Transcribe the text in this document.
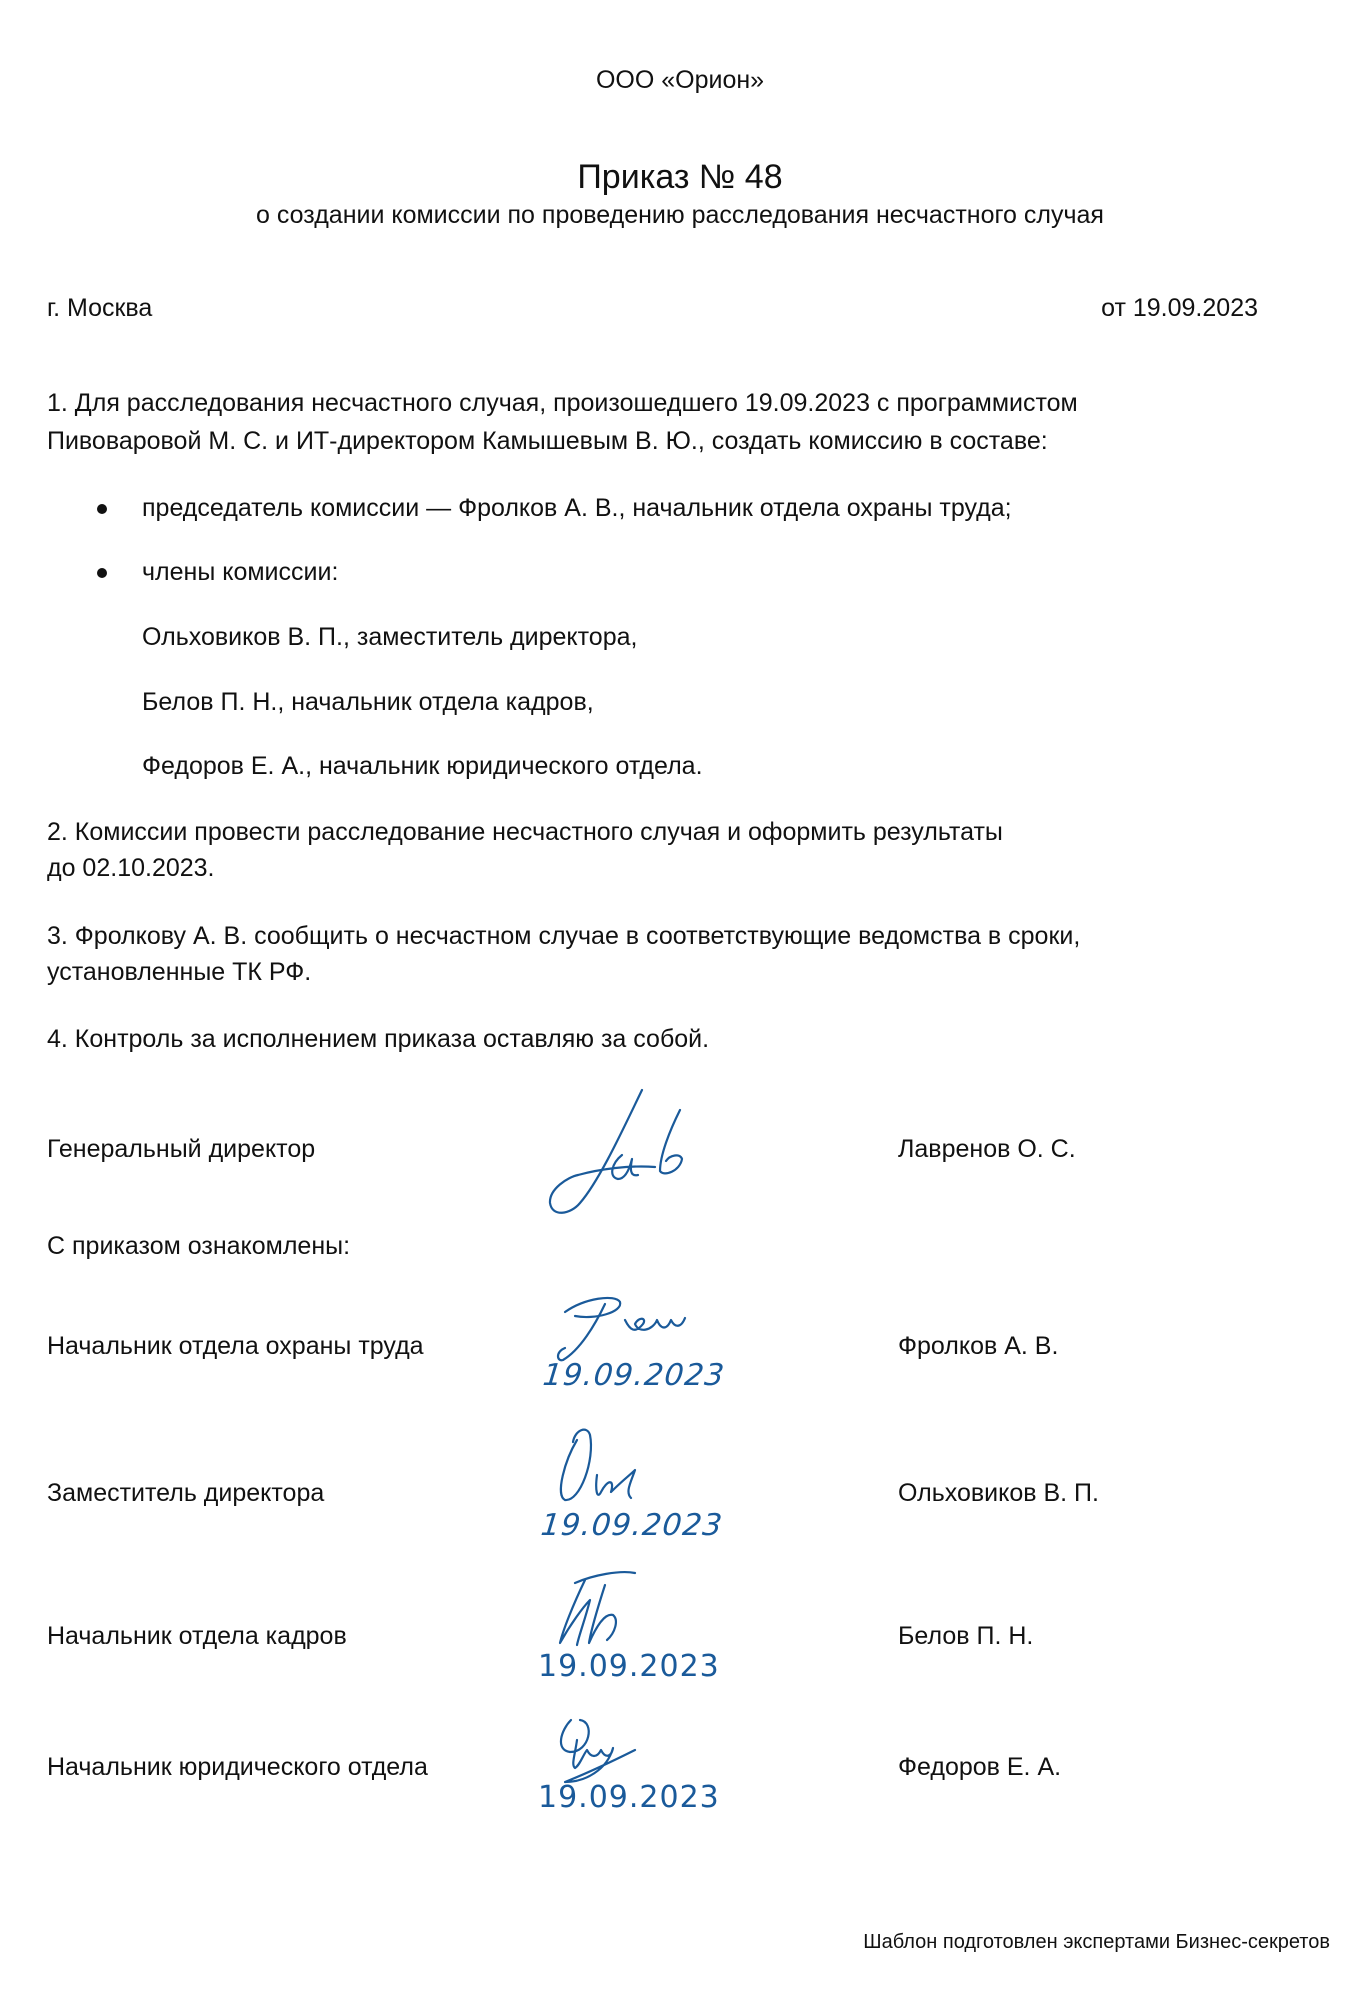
ООО «Орион»
Приказ № 48
о создании комиссии по проведению расследования несчастного случая
г. Москва	от 19.09.2023
1. Для расследования несчастного случая, произошедшего 19.09.2023 с программистом
Пивоваровой М. С. и ИТ-директором Камышевым В. Ю., создать комиссию в составе:
председатель комиссии — Фролков А. В., начальник отдела охраны труда;
члены комиссии:
Ольховиков В. П., заместитель директора,
Белов П. Н., начальник отдела кадров,
Федоров Е. А., начальник юридического отдела.
2. Комиссии провести расследование несчастного случая и оформить результаты
до 02.10.2023.
3. Фролкову А. В. сообщить о несчастном случае в соответствующие ведомства в сроки,
установленные ТК РФ.
4. Контроль за исполнением приказа оставляю за собой.
Генеральный директор	Лавренов О. С.
С приказом ознакомлены:
Начальник отдела охраны труда
19.09.2023
Фролков А. В.
Заместитель директора
19.09.2023
Ольховиков В. П.
Начальник отдела кадров
19.09.2023
Белов П. Н.
Начальник юридического отдела
19.09.2023
Федоров Е. А.
Шаблон подготовлен экспертами Бизнес-секретов
